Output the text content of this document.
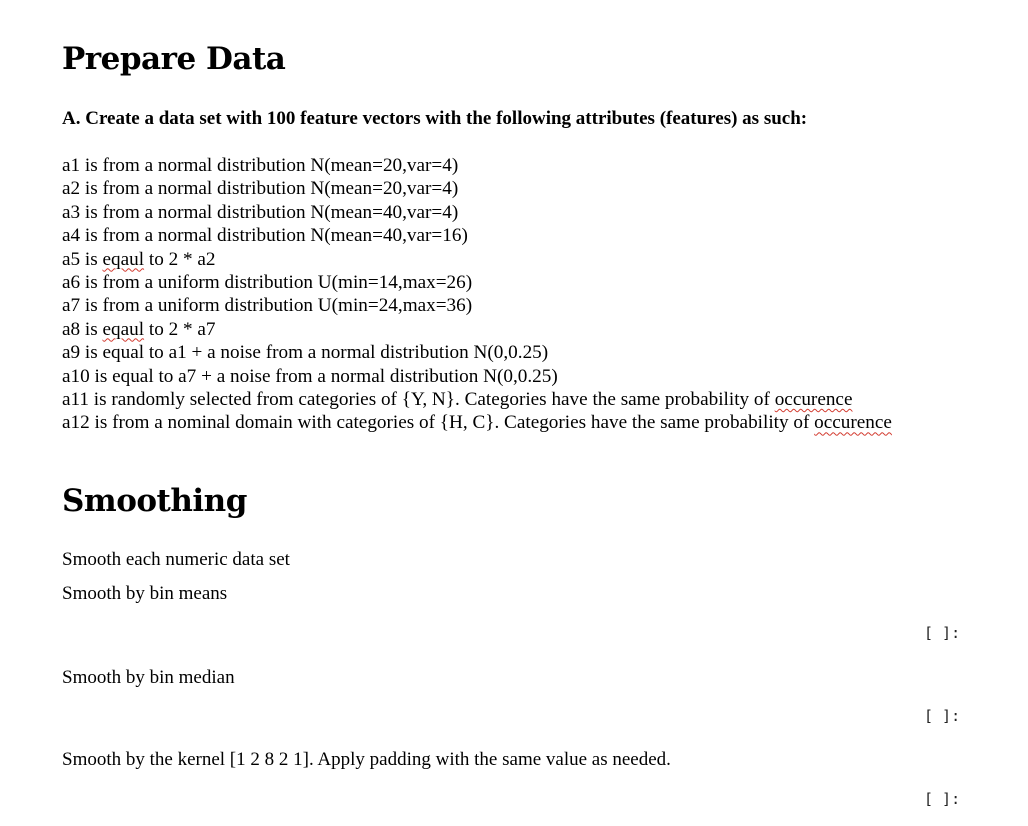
Prepare Data
A. Create a data set with 100 feature vectors with the following attributes (features) as such:
a1 is from a normal distribution N(mean=20,var=4)
a2 is from a normal distribution N(mean=20,var=4)
a3 is from a normal distribution N(mean=40,var=4)
a4 is from a normal distribution N(mean=40,var=16)
a5 is eqaul to 2 * a2
a6 is from a uniform distribution U(min=14,max=26)
a7 is from a uniform distribution U(min=24,max=36)
a8 is eqaul to 2 * a7
a9 is equal to a1 + a noise from a normal distribution N(0,0.25)
a10 is equal to a7 + a noise from a normal distribution N(0,0.25)
a11 is randomly selected from categories of {Y, N}. Categories have the same probability of occurence
a12 is from a nominal domain with categories of {H, C}. Categories have the same probability of occurence
Smoothing
Smooth each numeric data set
Smooth by bin means
[ ]:
Smooth by bin median
[ ]:
Smooth by the kernel [1 2 8 2 1]. Apply padding with the same value as needed.
[ ]:
